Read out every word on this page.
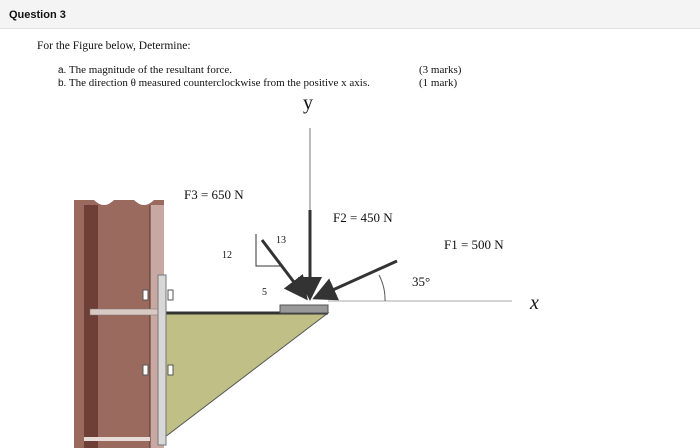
Question 3
For the Figure below, Determine:
a. The magnitude of the resultant force.	(3 marks)
b. The direction θ measured counterclockwise from the positive x axis.	(1 mark)
y
x
F3 = 650 N
F2 = 450 N
F1 = 500 N
35°
13
12
5
